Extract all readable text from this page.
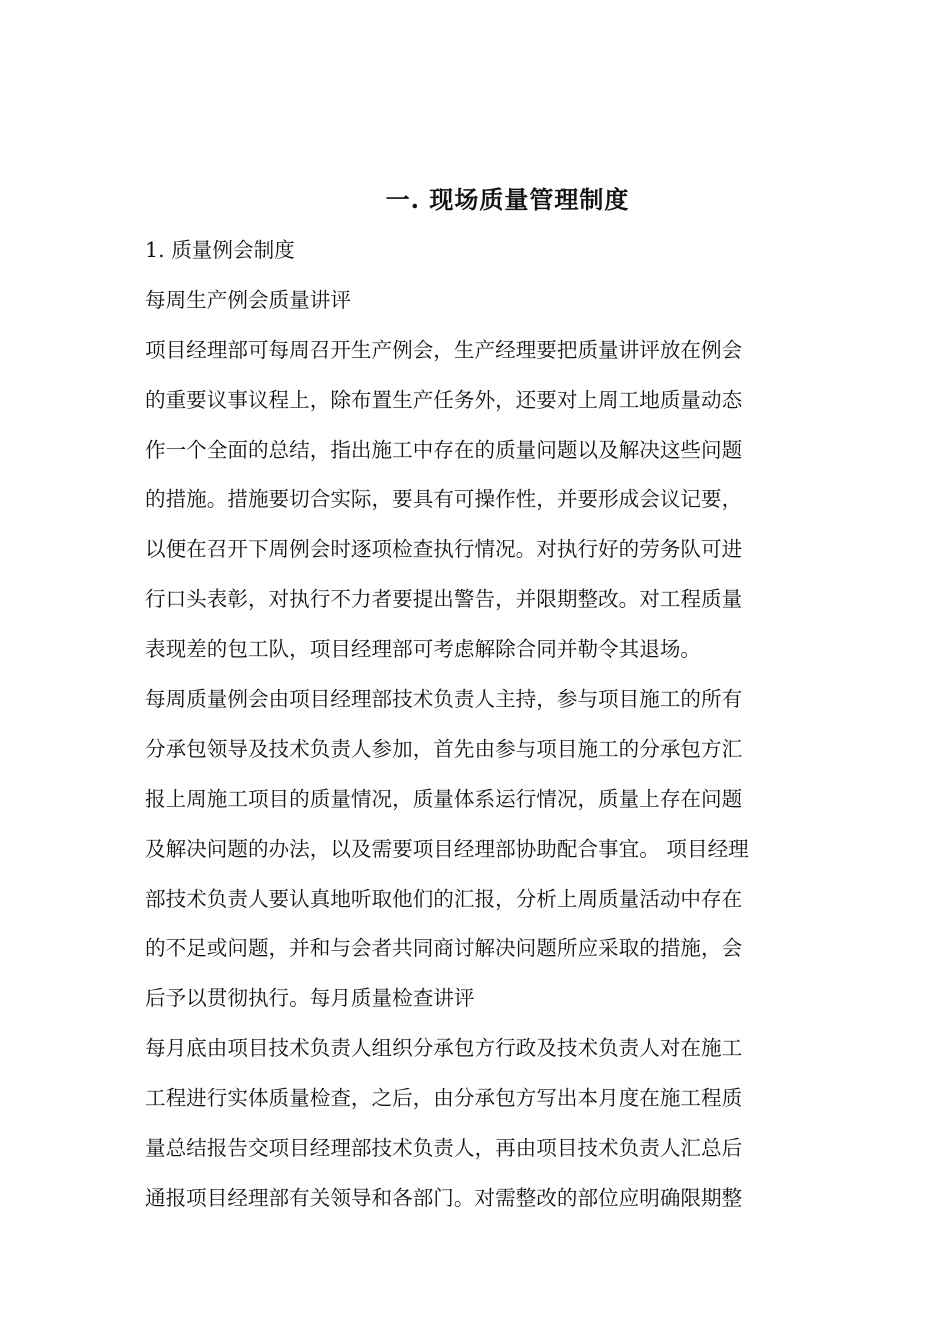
一. 现场质量管理制度
1. 质量例会制度
每周生产例会质量讲评
项目经理部可每周召开生产例会，生产经理要把质量讲评放在例会
的重要议事议程上，除布置生产任务外，还要对上周工地质量动态
作一个全面的总结，指出施工中存在的质量问题以及解决这些问题
的措施。措施要切合实际，要具有可操作性，并要形成会议记要，
以便在召开下周例会时逐项检查执行情况。对执行好的劳务队可进
行口头表彰，对执行不力者要提出警告，并限期整改。对工程质量
表现差的包工队，项目经理部可考虑解除合同并勒令其退场。
每周质量例会由项目经理部技术负责人主持，参与项目施工的所有
分承包领导及技术负责人参加，首先由参与项目施工的分承包方汇
报上周施工项目的质量情况，质量体系运行情况，质量上存在问题
及解决问题的办法，以及需要项目经理部协助配合事宜。 项目经理
部技术负责人要认真地听取他们的汇报，分析上周质量活动中存在
的不足或问题，并和与会者共同商讨解决问题所应采取的措施，会
后予以贯彻执行。每月质量检查讲评
每月底由项目技术负责人组织分承包方行政及技术负责人对在施工
工程进行实体质量检查，之后，由分承包方写出本月度在施工程质
量总结报告交项目经理部技术负责人，再由项目技术负责人汇总后
通报项目经理部有关领导和各部门。对需整改的部位应明确限期整
